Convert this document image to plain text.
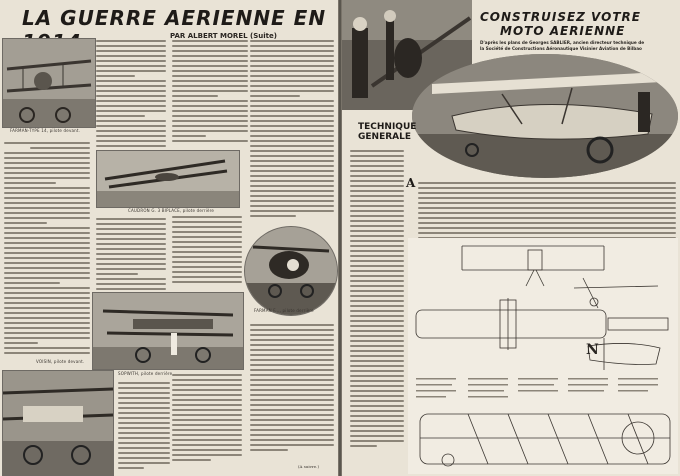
LA GUERRE AERIENNE EN
PAR ALBERT MOREL (Suite)
FARMAN-TYPE 14, pilote devant.
VOISIN, pilote devant.
CAUDRON G. 3 BIPLACE, pilote derrière
SOPWITH, pilote derrière
FARMAN F..., pilote derrière
(A suivre.)
CONSTRUISEZ VOTRE
MOTO AERIENNE
D'après les plans de Georges SABLIER, ancien directeur technique de
la Société de Constructions Aéronautique Visinier Aviation de Bilbao
TECHNIQUE
GENERALE
A
N
